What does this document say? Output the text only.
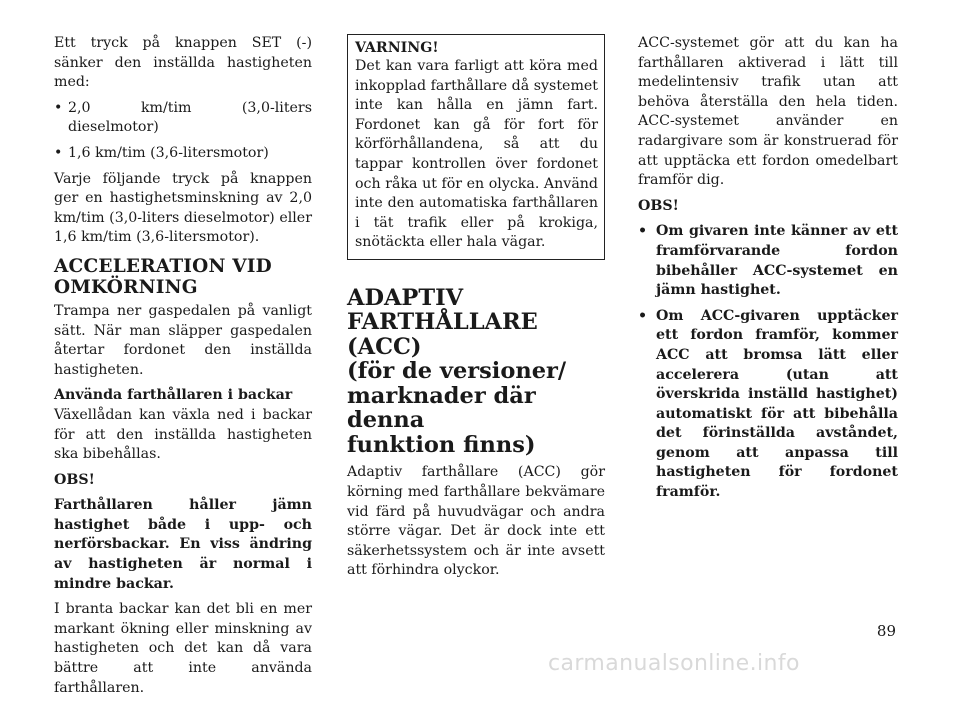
Ett tryck på knappen SET (-) sänker den inställda hastigheten med:

• 2,0 km/tim (3,0-liters dieselmotor)
• 1,6 km/tim (3,6-litersmotor)

Varje följande tryck på knappen ger en hastighetsminskning av 2,0 km/tim (3,0-liters dieselmotor) eller 1,6 km/tim (3,6-litersmotor).

ACCELERATION VID
OMKÖRNING

Trampa ner gaspedalen på vanligt sätt. När man släpper gaspedalen återtar fordonet den inställda hastigheten.

Använda farthållaren i backar

Växellådan kan växla ned i backar för att den inställda hastigheten ska bibehållas.

OBS!

Farthållaren håller jämn hastighet både i upp- och nerförsbackar. En viss ändring av hastigheten är normal i mindre backar.

I branta backar kan det bli en mer markant ökning eller minskning av hastigheten och det kan då vara bättre att inte använda farthållaren.

VARNING!

Det kan vara farligt att köra med inkopplad farthållare då systemet inte kan hålla en jämn fart. Fordonet kan gå för fort för körförhållandena, så att du tappar kontrollen över fordonet och råka ut för en olycka. Använd inte den automatiska farthållaren i tät trafik eller på krokiga, snötäckta eller hala vägar.

ADAPTIV
FARTHÅLLARE (ACC)
(för de versioner/
marknader där denna
funktion finns)

Adaptiv farthållare (ACC) gör körning med farthållare bekvämare vid färd på huvudvägar och andra större vägar. Det är dock inte ett säkerhetssystem och är inte avsett att förhindra olyckor.

ACC-systemet gör att du kan ha farthållaren aktiverad i lätt till medelintensiv trafik utan att behöva återställa den hela tiden. ACC-systemet använder en radargivare som är konstruerad för att upptäcka ett fordon omedelbart framför dig.

OBS!

• Om givaren inte känner av ett framförvarande fordon bibehåller ACC-systemet en jämn hastighet.
• Om ACC-givaren upptäcker ett fordon framför, kommer ACC att bromsa lätt eller accelerera (utan att överskrida inställd hastighet) automatiskt för att bibehålla det förinställda avståndet, genom att anpassa till hastigheten för fordonet framför.
89
carmanualsonline.info
